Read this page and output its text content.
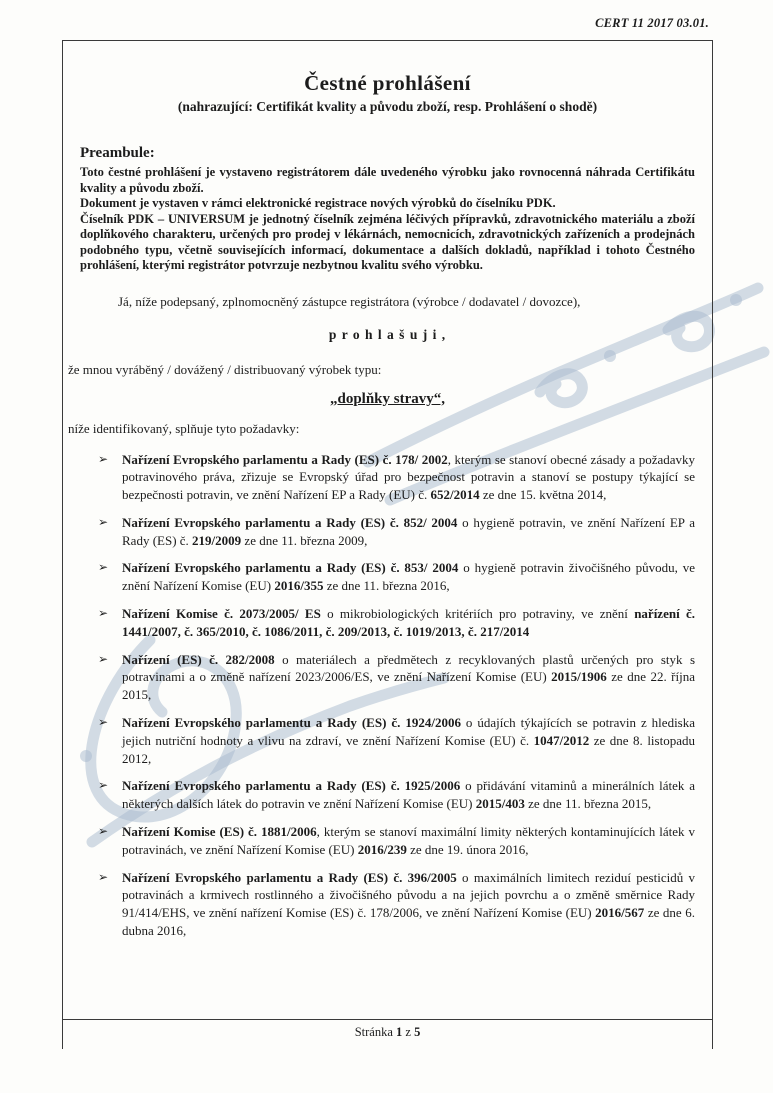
CERT 11 2017 03.01.
Čestné prohlášení
(nahrazující: Certifikát kvality a původu zboží, resp. Prohlášení o shodě)
Preambule:

Toto čestné prohlášení je vystaveno registrátorem dále uvedeného výrobku jako rovnocenná náhrada Certifikátu kvality a původu zboží.

Dokument je vystaven v rámci elektronické registrace nových výrobků do číselníku PDK.

Číselník PDK – UNIVERSUM je jednotný číselník zejména léčivých přípravků, zdravotnického materiálu a zboží doplňkového charakteru, určených pro prodej v lékárnách, nemocnicích, zdravotnických zařízeních a prodejnách podobného typu, včetně souvisejících informací, dokumentace a dalších dokladů, například i tohoto Čestného prohlášení, kterými registrátor potvrzuje nezbytnou kvalitu svého výrobku.

Já, níže podepsaný, zplnomocněný zástupce registrátora (výrobce / dodavatel / dovozce),

p r o h l a š u j i ,

že mnou vyráběný / dovážený / distribuovaný výrobek typu:

„doplňky stravy“,

níže identifikovaný, splňuje tyto požadavky:

➢ Nařízení Evropského parlamentu a Rady (ES) č. 178/ 2002, kterým se stanoví obecné zásady a požadavky potravinového práva, zřizuje se Evropský úřad pro bezpečnost potravin a stanoví se postupy týkající se bezpečnosti potravin, ve znění Nařízení EP a Rady (EU) č. 652/2014 ze dne 15. května 2014,
➢ Nařízení Evropského parlamentu a Rady (ES) č. 852/ 2004 o hygieně potravin, ve znění Nařízení EP a Rady (ES) č. 219/2009 ze dne 11. března 2009,
➢ Nařízení Evropského parlamentu a Rady (ES) č. 853/ 2004 o hygieně potravin živočišného původu, ve znění Nařízení Komise (EU) 2016/355 ze dne 11. března 2016,
➢ Nařízení Komise č. 2073/2005/ ES o mikrobiologických kritériích pro potraviny, ve znění nařízení č. 1441/2007, č. 365/2010, č. 1086/2011, č. 209/2013, č. 1019/2013, č. 217/2014
➢ Nařízení (ES) č. 282/2008 o materiálech a předmětech z recyklovaných plastů určených pro styk s potravinami a o změně nařízení 2023/2006/ES, ve znění Nařízení Komise (EU) 2015/1906 ze dne 22. října 2015,
➢ Nařízení Evropského parlamentu a Rady (ES) č. 1924/2006 o údajích týkajících se potravin z hlediska jejich nutriční hodnoty a vlivu na zdraví, ve znění Nařízení Komise (EU) č. 1047/2012 ze dne 8. listopadu 2012,
➢ Nařízení Evropského parlamentu a Rady (ES) č. 1925/2006 o přidávání vitaminů a minerálních látek a některých dalších látek do potravin ve znění Nařízení Komise (EU) 2015/403 ze dne 11. března 2015,
➢ Nařízení Komise (ES) č. 1881/2006, kterým se stanoví maximální limity některých kontaminujících látek v potravinách, ve znění Nařízení Komise (EU) 2016/239 ze dne 19. února 2016,
➢ Nařízení Evropského parlamentu a Rady (ES) č. 396/2005 o maximálních limitech reziduí pesticidů v potravinách a krmivech rostlinného a živočišného původu a na jejich povrchu a o změně směrnice Rady 91/414/EHS, ve znění nařízení Komise (ES) č. 178/2006, ve znění Nařízení Komise (EU) 2016/567 ze dne 6. dubna 2016,
Stránka 1 z 5
